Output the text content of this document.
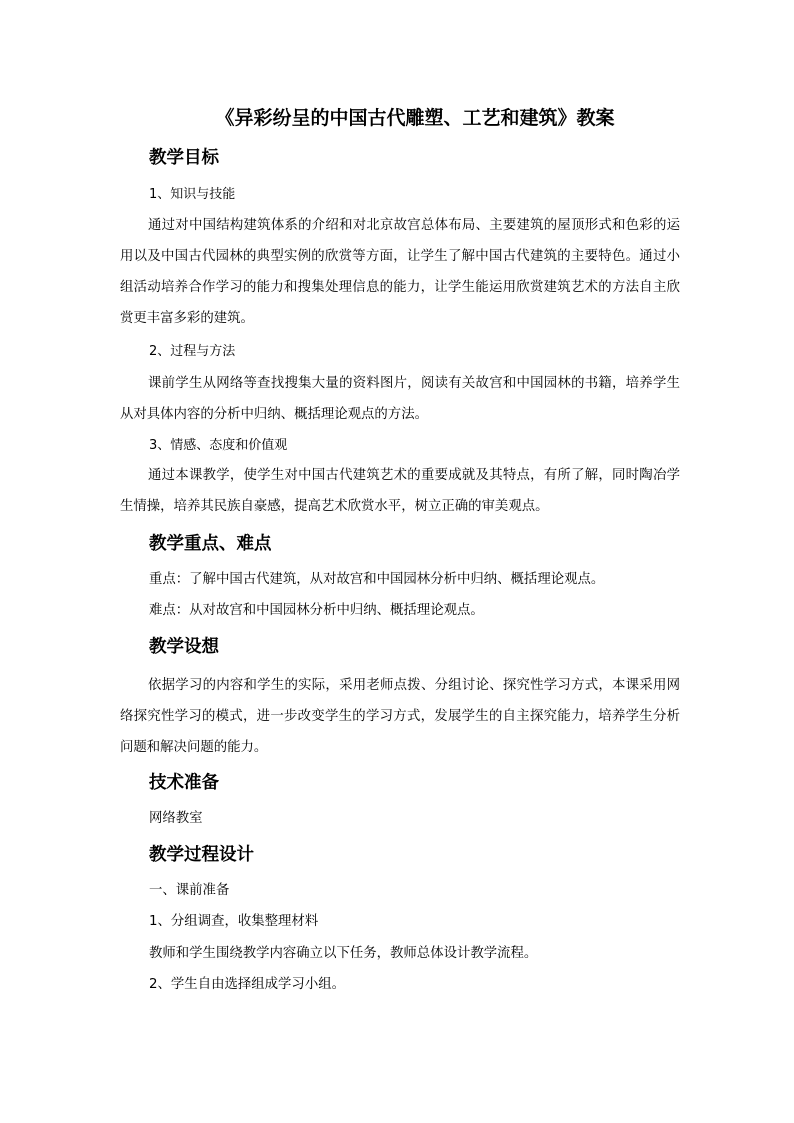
《异彩纷呈的中国古代雕塑、工艺和建筑》教案
教学目标
1、知识与技能
通过对中国结构建筑体系的介绍和对北京故宫总体布局、主要建筑的屋顶形式和色彩的运用以及中国古代园林的典型实例的欣赏等方面，让学生了解中国古代建筑的主要特色。通过小组活动培养合作学习的能力和搜集处理信息的能力，让学生能运用欣赏建筑艺术的方法自主欣赏更丰富多彩的建筑。
2、过程与方法
课前学生从网络等查找搜集大量的资料图片，阅读有关故宫和中国园林的书籍，培养学生从对具体内容的分析中归纳、概括理论观点的方法。
3、情感、态度和价值观
通过本课教学，使学生对中国古代建筑艺术的重要成就及其特点，有所了解，同时陶冶学生情操，培养其民族自豪感，提高艺术欣赏水平，树立正确的审美观点。
教学重点、难点
重点：了解中国古代建筑，从对故宫和中国园林分析中归纳、概括理论观点。
难点：从对故宫和中国园林分析中归纳、概括理论观点。
教学设想
依据学习的内容和学生的实际，采用老师点拨、分组讨论、探究性学习方式，本课采用网络探究性学习的模式，进一步改变学生的学习方式，发展学生的自主探究能力，培养学生分析问题和解决问题的能力。
技术准备
网络教室
教学过程设计
一、课前准备
1、分组调查，收集整理材料
教师和学生围绕教学内容确立以下任务，教师总体设计教学流程。
2、学生自由选择组成学习小组。
